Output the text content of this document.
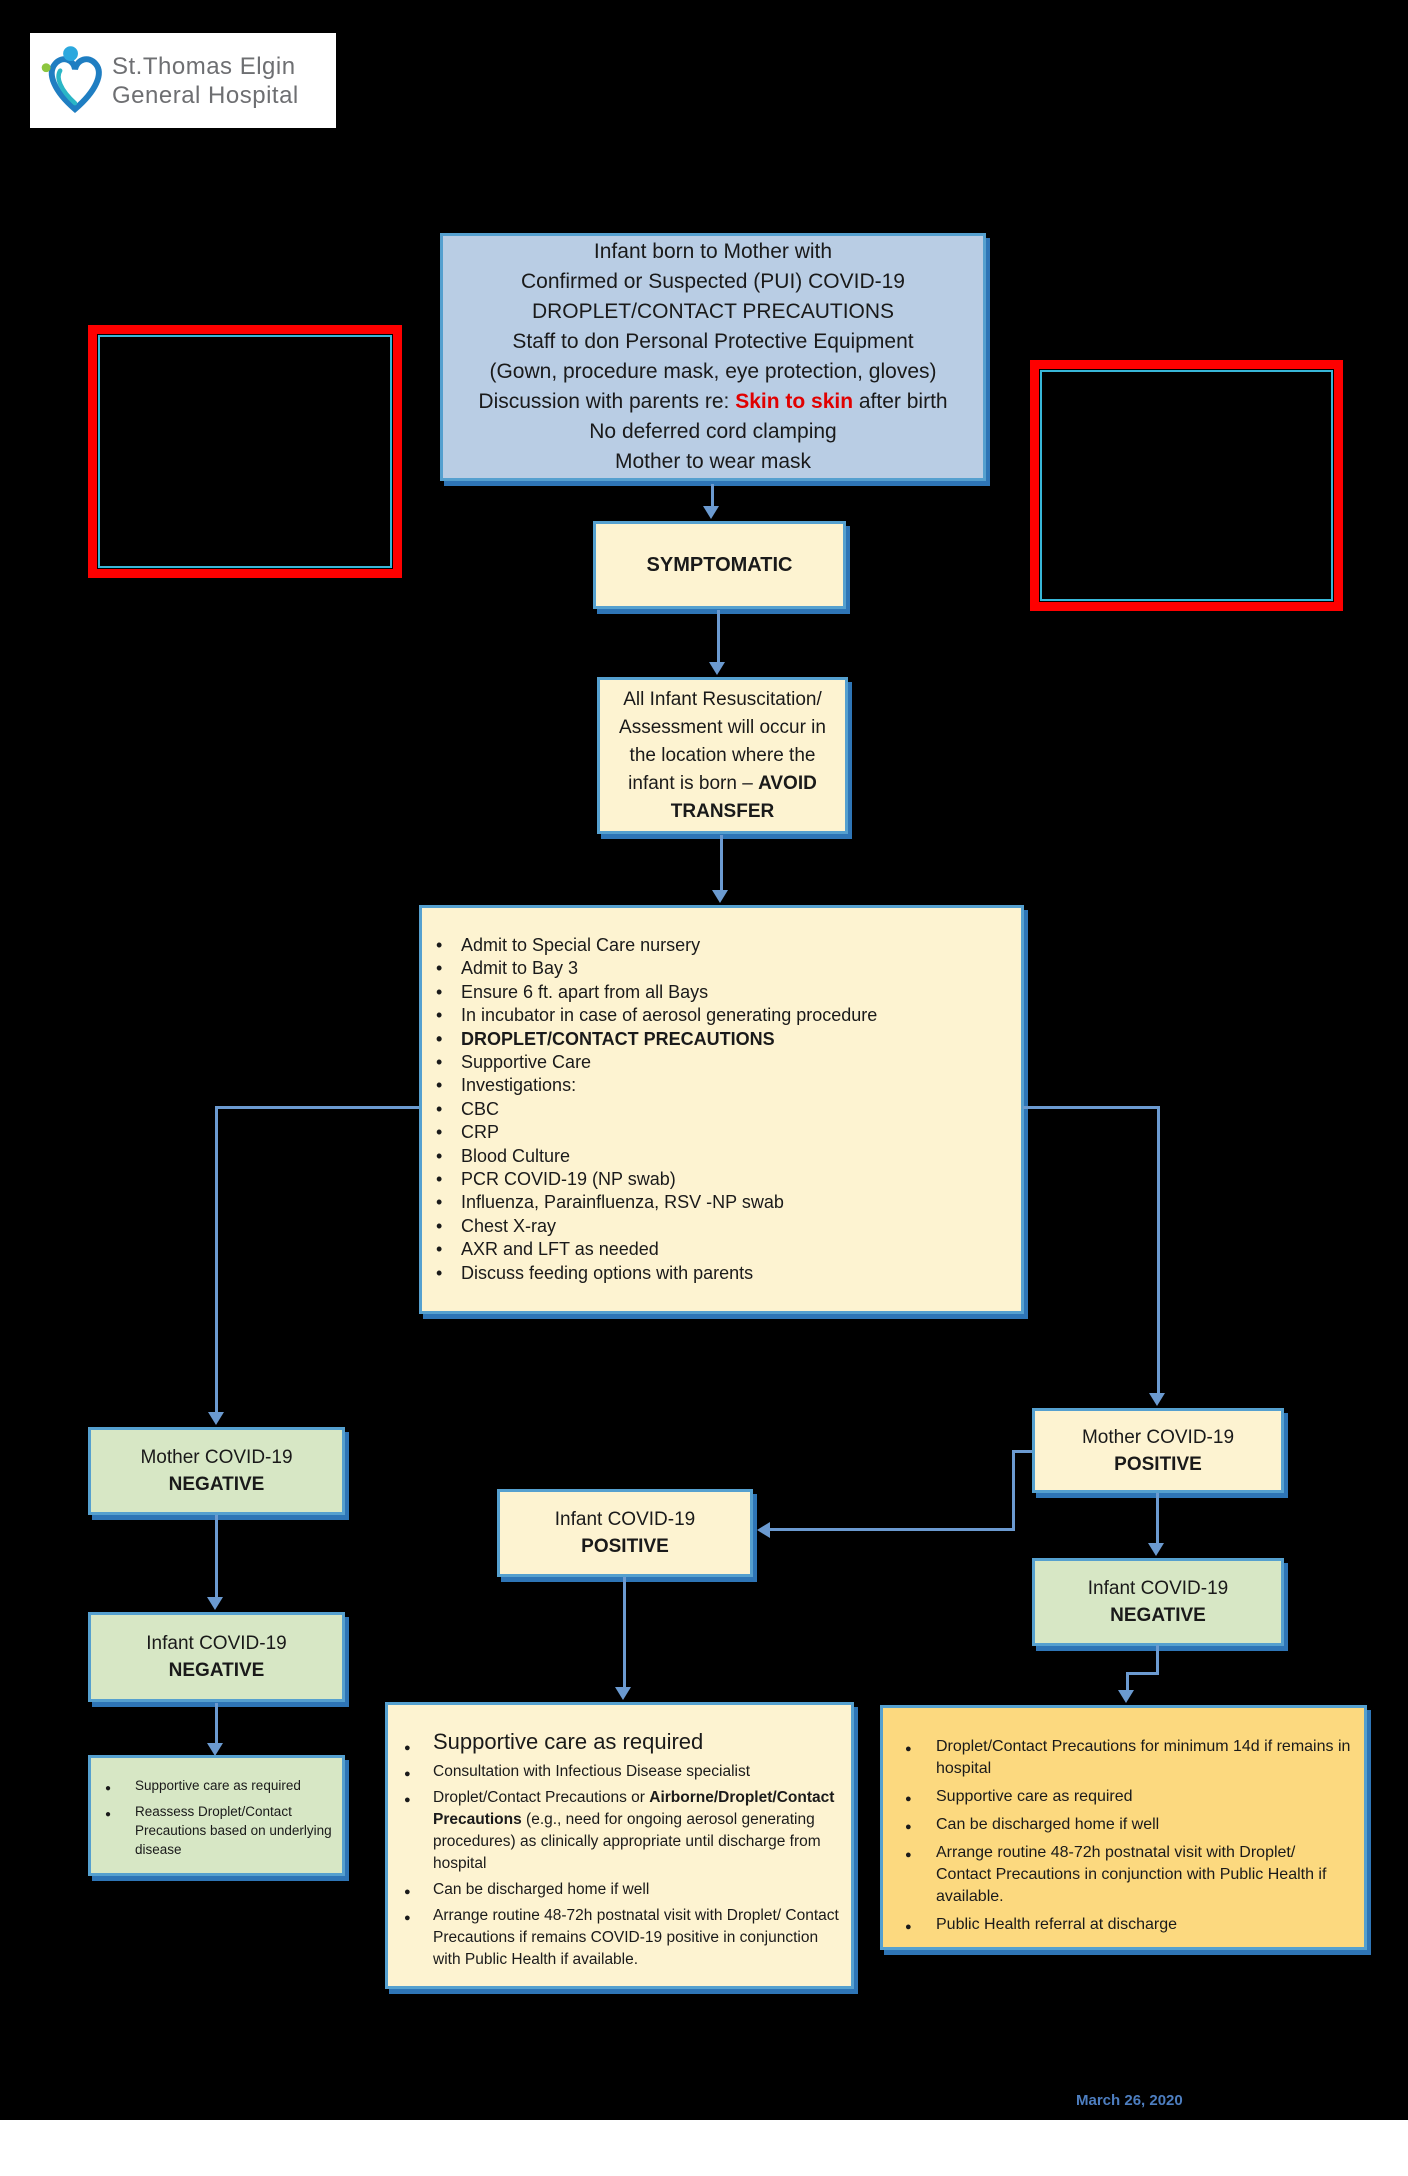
St.Thomas Elgin
General Hospital
Infant born to Mother with
Confirmed or Suspected (PUI) COVID-19
DROPLET/CONTACT PRECAUTIONS
Staff to don Personal Protective Equipment
(Gown, procedure mask, eye protection, gloves)
Discussion with parents re: Skin to skin after birth
No deferred cord clamping
Mother to wear mask
SYMPTOMATIC
All Infant Resuscitation/ Assessment will occur in the location where the infant is born – AVOID TRANSFER
• Admit to Special Care nursery
• Admit to Bay 3
• Ensure 6 ft. apart from all Bays
• In incubator in case of aerosol generating procedure
• DROPLET/CONTACT PRECAUTIONS
• Supportive Care
• Investigations:
• CBC
• CRP
• Blood Culture
• PCR COVID-19 (NP swab)
• Influenza, Parainfluenza, RSV -NP swab
• Chest X-ray
• AXR and LFT as needed
• Discuss feeding options with parents
Mother COVID-19
NEGATIVE
Infant COVID-19
NEGATIVE
● Supportive care as required
● Reassess Droplet/Contact Precautions based on underlying disease
Infant COVID-19
POSITIVE
Mother COVID-19
POSITIVE
Infant COVID-19
NEGATIVE
● Supportive care as required
● Consultation with Infectious Disease specialist
● Droplet/Contact Precautions or Airborne/Droplet/Contact Precautions (e.g., need for ongoing aerosol generating procedures) as clinically appropriate until discharge from hospital
● Can be discharged home if well
● Arrange routine 48-72h postnatal visit with Droplet/ Contact Precautions if remains COVID-19 positive in conjunction with Public Health if available.
● Droplet/Contact Precautions for minimum 14d if remains in hospital
● Supportive care as required
● Can be discharged home if well
● Arrange routine 48-72h postnatal visit with Droplet/ Contact Precautions in conjunction with Public Health if available.
● Public Health referral at discharge
March 26, 2020
